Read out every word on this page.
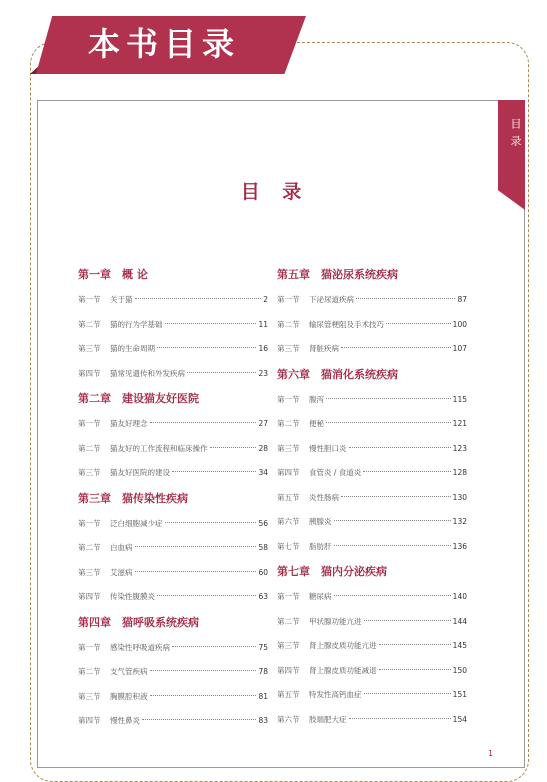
本书目录
目录
目 录
第一章　概 论
第一节	关于猫	2
第二节	猫的行为学基础	11
第三节	猫的生命周期	16
第四节	猫常见遗传和外发疾病	23
第二章　建设猫友好医院
第一节	猫友好理念	27
第二节	猫友好的工作流程和临床操作	28
第三节	猫友好医院的建设	34
第三章　猫传染性疾病
第一节	泛白细胞减少症	56
第二节	白血病	58
第三节	艾滋病	60
第四节	传染性腹膜炎	63
第四章　猫呼吸系统疾病
第一节	感染性呼吸道疾病	75
第二节	支气管疾病	78
第三节	胸膜腔积液	81
第四节	慢性鼻炎	83
第五章　猫泌尿系统疾病
第一节	下泌尿道疾病	87
第二节	输尿管梗阻及手术技巧	100
第三节	肾脏疾病	107
第六章　猫消化系统疾病
第一节	腹泻	115
第二节	便秘	121
第三节	慢性胆口炎	123
第四节	食管炎 / 食道炎	128
第五节	炎性肠病	130
第六节	胰腺炎	132
第七节	脂肪肝	136
第七章　猫内分泌疾病
第一节	糖尿病	140
第二节	甲状腺功能亢进	144
第三节	肾上腺皮质功能亢进	145
第四节	肾上腺皮质功能减退	150
第五节	特发性高钙血症	151
第六节	肢端肥大症	154
1
